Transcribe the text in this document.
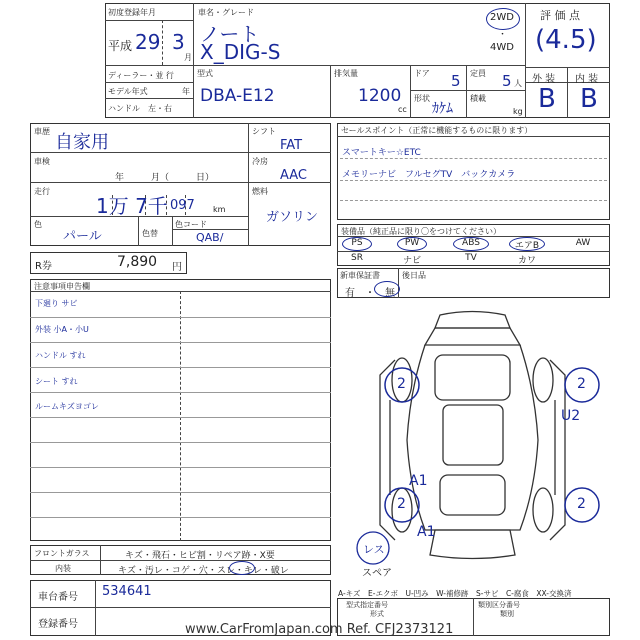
初度登録年月
平成 29 3
月
車名・グレード
ノート
X_DIG-S
2WD
・
4WD
評 価 点
(4.5)
ディーラー・並 行
モデル年式	年
ハンドル　左・右
型式
DBA-E12
排気量
1200
cc
ドア 5 定員 5 人
形状
ｶｹﾑ
積載
kg
外 装 内 装
B B
車歴
自家用
車検
年　　　月（　　　日）
走行
1万 7千 097 km
色
パール	色替
色コード
QAB/
シフト
FAT
冷房
AAC
燃料
ガソリン
R券	7,890 円
セールスポイント（正常に機能するものに限ります）
スマートキー☆ETC
メモリーナビ　フルセグTV　バックカメラ
装備品（純正品に限り〇をつけてください）
PS	PW	ABS	エアB	AW
SR	ナビ	TV	カワ
新車保証書	後日品
有　・　無
注意事項申告欄
下廻り サビ
外装 小A・小U
ハンドル すれ
シート すれ
ルームキズヨゴレ
2	2
U2
A1
2	2
A1
レス
スペア
フロントガラス	キズ・飛石・ヒビ割・リペア跡・X要
内装	キズ・汚レ・コゲ・穴・スレ・キレ・破レ
A-キズ　E-エクボ　U-凹み　W-補修跡　S-サビ　C-腐食　XX-交換済
車台番号 534641
登録番号
型式指定番号	類別区分番号
形式	類別
www.CarFromJapan.com Ref. CFJ2373121
